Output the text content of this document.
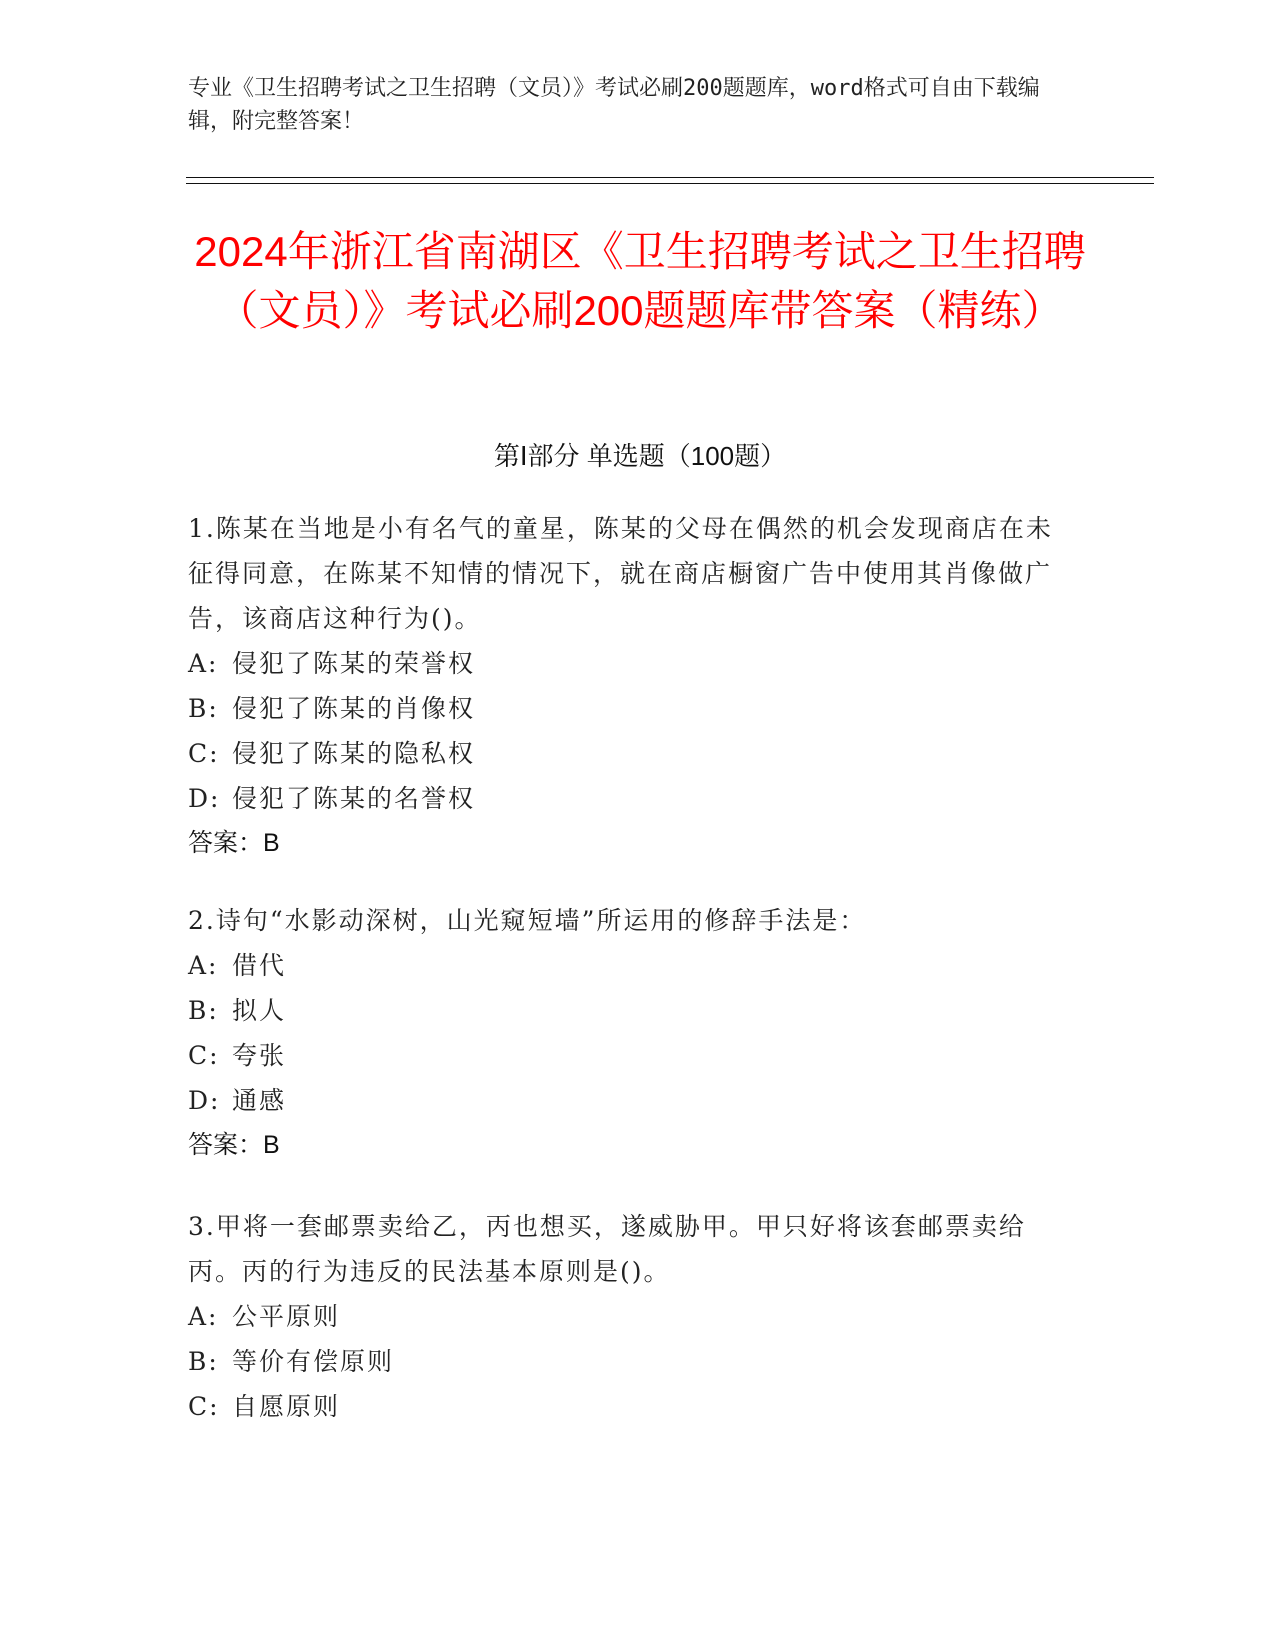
专业《卫生招聘考试之卫生招聘（文员）》考试必刷200题题库，word格式可自由下载编辑，附完整答案！

2024年浙江省南湖区《卫生招聘考试之卫生招聘（文员）》考试必刷200题题库带答案（精练）

第Ⅰ部分 单选题（100题）

1.陈某在当地是小有名气的童星，陈某的父母在偶然的机会发现商店在未征得同意，在陈某不知情的情况下，就在商店橱窗广告中使用其肖像做广告，该商店这种行为()。

A: 侵犯了陈某的荣誉权

B: 侵犯了陈某的肖像权

C: 侵犯了陈某的隐私权

D: 侵犯了陈某的名誉权

答案：B

2.诗句“水影动深树，山光窥短墙”所运用的修辞手法是：

A: 借代

B: 拟人

C: 夸张

D: 通感

答案：B

3.甲将一套邮票卖给乙，丙也想买，遂威胁甲。甲只好将该套邮票卖给丙。丙的行为违反的民法基本原则是()。

A: 公平原则

B: 等价有偿原则

C: 自愿原则
